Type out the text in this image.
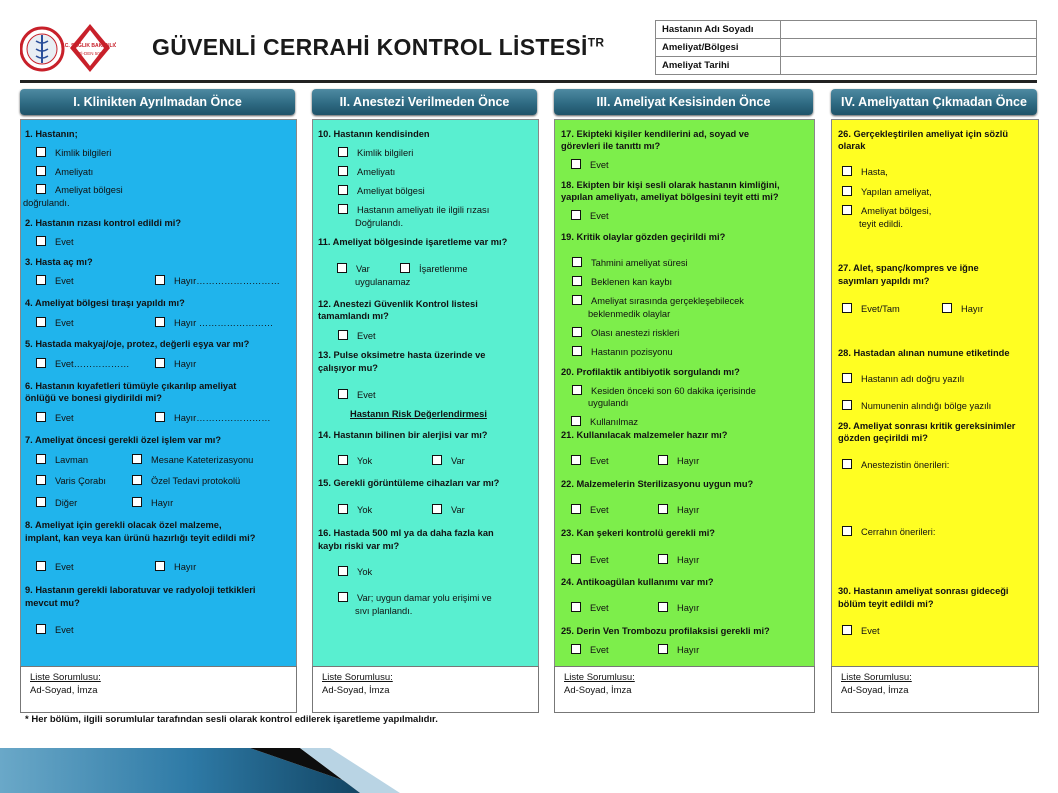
T.C. SAĞLIK BAKANLIĞI
TRİ-DEN 5000 GÜVENLİ CERRAHİ KONTROL $LİSTESİ^{TR}$
Hastanın Adı Soyadı	
Ameliyat/Bölgesi	
Ameliyat Tarihi	
I. Klinikten Ayrılmadan Önce
Liste Sorumlusu:
Ad-Soyad, İmza
II. Anestezi Verilmeden Önce
Liste Sorumlusu:
Ad-Soyad, İmza
III. Ameliyat Kesisinden Önce
Liste Sorumlusu:
Ad-Soyad, İmza
IV. Ameliyattan Çıkmadan Önce
Liste Sorumlusu:
Ad-Soyad, İmza
* Her bölüm, ilgili sorumlular tarafından sesli olarak kontrol edilerek işaretleme yapılmalıdır.
1. Hastanın;
Kimlik bilgileri
Ameliyatı
Ameliyat bölgesi
doğrulandı.
2. Hastanın rızası kontrol edildi mi?
Evet
3. Hasta aç mı?
Evet	Hayır………………………
4. Ameliyat bölgesi tıraşı yapıldı mı?
Evet	Hayır ……………………
5. Hastada makyaj/oje, protez, değerli eşya var mı?
Evet………………	Hayır
6. Hastanın kıyafetleri tümüyle çıkarılıp ameliyat
önlüğü ve bonesi giydirildi mi?
Evet	Hayır……………………
7. Ameliyat öncesi gerekli özel işlem var mı?
Lavman	Mesane Kateterizasyonu
Varis Çorabı	Özel Tedavi protokolü
Diğer	Hayır
8. Ameliyat için gerekli olacak özel malzeme,
implant, kan veya kan ürünü hazırlığı teyit edildi mi?
Evet	Hayır
9. Hastanın gerekli laboratuvar ve radyoloji tetkikleri
mevcut mu?
Evet
10. Hastanın kendisinden
Kimlik bilgileri
Ameliyatı
Ameliyat bölgesi
Hastanın ameliyatı ile ilgili rızası
Doğrulandı.
11. Ameliyat bölgesinde işaretleme var mı?
Var	İşaretlenme
uygulanamaz
12. Anestezi Güvenlik Kontrol listesi
tamamlandı mı?
Evet
13. Pulse oksimetre hasta üzerinde ve
çalışıyor mu?
Evet
Hastanın Risk Değerlendirmesi
14. Hastanın bilinen bir alerjisi var mı?
Yok	Var
15. Gerekli görüntüleme cihazları var mı?
Yok	Var
16. Hastada 500 ml ya da daha fazla kan
kaybı riski var mı?
Yok
Var; uygun damar yolu erişimi ve
sıvı planlandı.
17. Ekipteki kişiler kendilerini ad, soyad ve
görevleri ile tanıttı mı?
Evet
18. Ekipten bir kişi sesli olarak hastanın kimliğini,
yapılan ameliyatı, ameliyat bölgesini teyit etti mi?
Evet
19. Kritik olaylar gözden geçirildi mi?
Tahmini ameliyat süresi
Beklenen kan kaybı
Ameliyat sırasında gerçekleşebilecek
beklenmedik olaylar
Olası anestezi riskleri
Hastanın pozisyonu
20. Profilaktik antibiyotik sorgulandı mı?
Kesiden önceki son 60 dakika içerisinde
uygulandı
Kullanılmaz
21. Kullanılacak malzemeler hazır mı?
Evet	Hayır
22. Malzemelerin Sterilizasyonu uygun mu?
Evet	Hayır
23. Kan şekeri kontrolü gerekli mi?
Evet	Hayır
24. Antikoagülan kullanımı var mı?
Evet	Hayır
25. Derin Ven Trombozu profilaksisi gerekli mi?
Evet	Hayır
26. Gerçekleştirilen ameliyat için sözlü
olarak
Hasta,
Yapılan ameliyat,
Ameliyat bölgesi,
teyit edildi.
27. Alet, spanç/kompres ve iğne
sayımları yapıldı mı?
Evet/Tam	Hayır
28. Hastadan alınan numune etiketinde
Hastanın adı doğru yazılı
Numunenin alındığı bölge yazılı
29. Ameliyat sonrası kritik gereksinimler
gözden geçirildi mi?
Anestezistin önerileri:
Cerrahın önerileri:
30. Hastanın ameliyat sonrası gideceği
bölüm teyit edildi mi?
Evet
